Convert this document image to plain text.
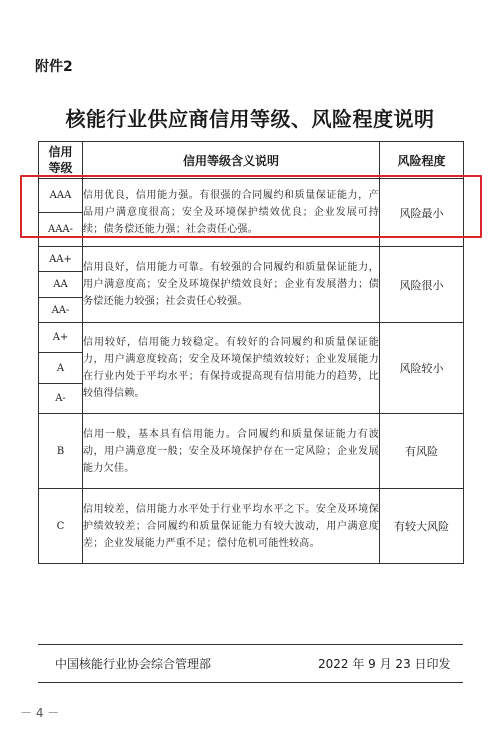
附件2
核能行业供应商信用等级、风险程度说明
信用等级	信用等级含义说明	风险程度
AAA	信用优良，信用能力强。有很强的合同履约和质量保证能力，产品用户满意度很高；安全及环境保护绩效优良；企业发展可持续；债务偿还能力强；社会责任心强。	风险最小
AAA-		
AA+	信用良好，信用能力可靠。有较强的合同履约和质量保证能力，用户满意度高；安全及环境保护绩效良好；企业有发展潜力；债务偿还能力较强；社会责任心较强。	风险很小
AA		
AA-		
A+	信用较好，信用能力较稳定。有较好的合同履约和质量保证能力，用户满意度较高；安全及环境保护绩效较好；企业发展能力在行业内处于平均水平；有保持或提高现有信用能力的趋势，比较值得信赖。	风险较小
A		
A-		
B	信用一般，基本具有信用能力。合同履约和质量保证能力有波动，用户满意度一般；安全及环境保护存在一定风险；企业发展能力欠佳。	有风险
C	信用较差，信用能力水平处于行业平均水平之下。安全及环境保护绩效较差；合同履约和质量保证能力有较大波动，用户满意度差；企业发展能力严重不足；偿付危机可能性较高。	有较大风险
中国核能行业协会综合管理部	2022 年 9 月 23 日印发
－ 4 －
